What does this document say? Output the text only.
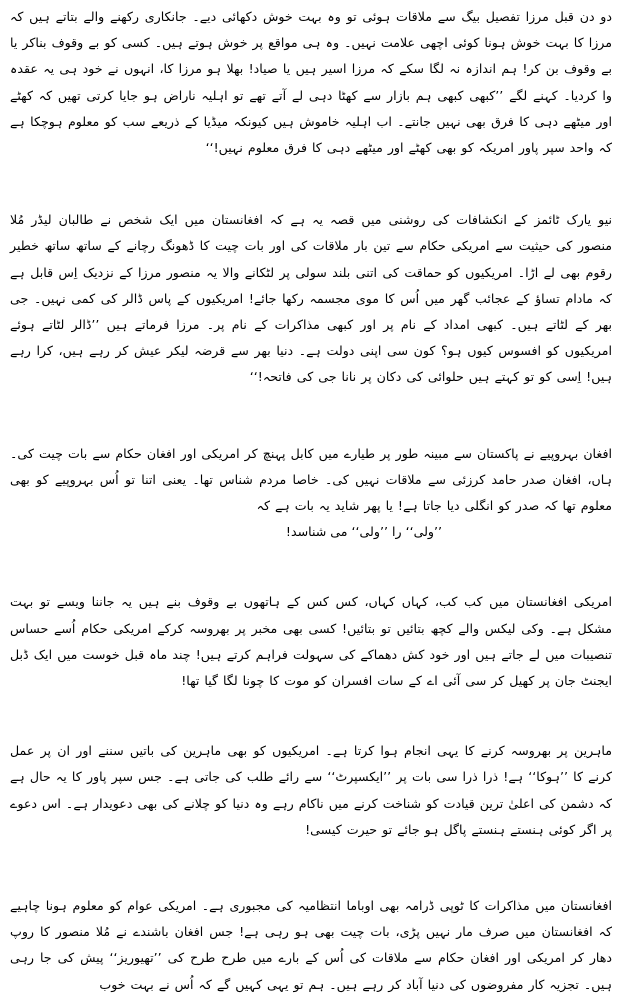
دو دن قبل مرزا تفصیل بیگ سے ملاقات ہوئی تو وہ بہت خوش دکھائی دیے۔ جانکاری رکھنے والے بتاتے ہیں کہ مرزا کا بہت خوش ہونا کوئی اچھی علامت نہیں۔ وہ ہی مواقع پر خوش ہوتے ہیں۔ کسی کو بے وقوف بناکر یا بے وقوف بن کر! ہم اندازہ نہ لگا سکے کہ مرزا اسیر ہیں یا صیاد! بھلا ہو مرزا کا، انہوں نے خود ہی یہ عقدہ وا کردیا۔ کہنے لگے ’’کبھی کبھی ہم بازار سے کھٹا دہی لے آتے تھے تو اہلیہ ناراض ہو جایا کرتی تھیں کہ کھٹے اور میٹھے دہی کا فرق بھی نہیں جانتے۔ اب اہلیہ خاموش ہیں کیونکہ میڈیا کے ذریعے سب کو معلوم ہوچکا ہے کہ واحد سپر پاور امریکہ کو بھی کھٹے اور میٹھے دہی کا فرق معلوم نہیں!‘‘

نیو یارک ٹائمز کے انکشافات کی روشنی میں قصہ یہ ہے کہ افغانستان میں ایک شخص نے طالبان لیڈر مُلا منصور کی حیثیت سے امریکی حکام سے تین بار ملاقات کی اور بات چیت کا ڈھونگ رچانے کے ساتھ ساتھ خطیر رقوم بھی لے اڑا۔ امریکیوں کو حماقت کی اتنی بلند سولی پر لٹکانے والا یہ منصور مرزا کے نزدیک اِس قابل ہے کہ مادام تساؤ کے عجائب گھر میں اُس کا موی مجسمہ رکھا جائے! امریکیوں کے پاس ڈالر کی کمی نہیں۔ جی بھر کے لٹاتے ہیں۔ کبھی امداد کے نام پر اور کبھی مذاکرات کے نام پر۔ مرزا فرماتے ہیں ’’ڈالر لٹاتے ہوئے امریکیوں کو افسوس کیوں ہو؟ کون سی اپنی دولت ہے۔ دنیا بھر سے قرضہ لیکر عیش کر رہے ہیں، کرا رہے ہیں! اِسی کو تو کہتے ہیں حلوائی کی دکان پر نانا جی کی فاتحہ!‘‘

افغان بہروپیے نے پاکستان سے مبینہ طور پر طیارے میں کابل پہنچ کر امریکی اور افغان حکام سے بات چیت کی۔ ہاں، افغان صدر حامد کرزئی سے ملاقات نہیں کی۔ خاصا مردم شناس تھا۔ یعنی اتنا تو اُس بہروپیے کو بھی معلوم تھا کہ صدر کو انگلی دیا جاتا ہے! یا پھر شاید یہ بات ہے کہ

’’ولی‘‘ را ’’ولی‘‘ می شناسد!

امریکی افغانستان میں کب کب، کہاں کہاں، کس کس کے ہاتھوں بے وقوف بنے ہیں یہ جاننا ویسے تو بہت مشکل ہے۔ وکی لیکس والے کچھ بتائیں تو بتائیں! کسی بھی مخبر پر بھروسہ کرکے امریکی حکام اُسے حساس تنصیبات میں لے جاتے ہیں اور خود کش دھماکے کی سہولت فراہم کرتے ہیں! چند ماہ قبل خوست میں ایک ڈبل ایجنٹ جان پر کھیل کر سی آئی اے کے سات افسران کو موت کا چونا لگا گیا تھا!

ماہرین پر بھروسہ کرنے کا یہی انجام ہوا کرتا ہے۔ امریکیوں کو بھی ماہرین کی باتیں سننے اور ان پر عمل کرنے کا ’’ہوکا‘‘ ہے! ذرا ذرا سی بات پر ’’ایکسپرٹ‘‘ سے رائے طلب کی جاتی ہے۔ جس سپر پاور کا یہ حال ہے کہ دشمن کی اعلیٰ ترین قیادت کو شناخت کرنے میں ناکام رہے وہ دنیا کو چلانے کی بھی دعویدار ہے۔ اس دعوے پر اگر کوئی ہنستے ہنستے پاگل ہو جائے تو حیرت کیسی!

افغانستان میں مذاکرات کا ٹوپی ڈرامہ بھی اوباما انتظامیہ کی مجبوری ہے۔ امریکی عوام کو معلوم ہونا چاہیے کہ افغانستان میں صرف مار نہیں پڑی، بات چیت بھی ہو رہی ہے! جس افغان باشندے نے مُلا منصور کا روپ دھار کر امریکی اور افغان حکام سے ملاقات کی اُس کے بارے میں طرح طرح کی ’’تھیوریز‘‘ پیش کی جا رہی ہیں۔ تجزیہ کار مفروضوں کی دنیا آباد کر رہے ہیں۔ ہم تو یہی کہیں گے کہ اُس نے بہت خوب
